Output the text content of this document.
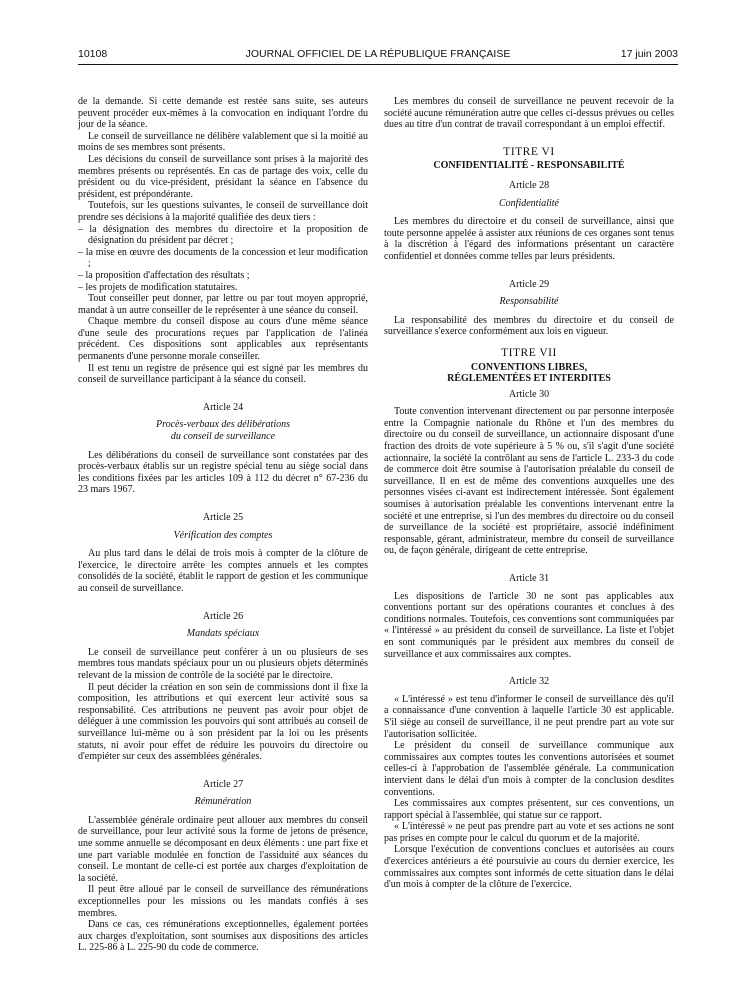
10108	JOURNAL OFFICIEL DE LA RÉPUBLIQUE FRANÇAISE	17 juin 2003

de la demande. Si cette demande est restée sans suite, ses auteurs peuvent procéder eux-mêmes à la convocation en indiquant l'ordre du jour de la séance.

Le conseil de surveillance ne délibère valablement que si la moitié au moins de ses membres sont présents.

Les décisions du conseil de surveillance sont prises à la majorité des membres présents ou représentés. En cas de partage des voix, celle du président ou du vice-président, présidant la séance en l'absence du président, est prépondérante.

Toutefois, sur les questions suivantes, le conseil de surveillance doit prendre ses décisions à la majorité qualifiée des deux tiers :

– la désignation des membres du directoire et la proposition de désignation du président par décret ;

– la mise en œuvre des documents de la concession et leur modification ;

– la proposition d'affectation des résultats ;

– les projets de modification statutaires.

Tout conseiller peut donner, par lettre ou par tout moyen approprié, mandat à un autre conseiller de le représenter à une séance du conseil.

Chaque membre du conseil dispose au cours d'une même séance d'une seule des procurations reçues par l'application de l'alinéa précédent. Ces dispositions sont applicables aux représentants permanents d'une personne morale conseiller.

Il est tenu un registre de présence qui est signé par les membres du conseil de surveillance participant à la séance du conseil.

Article 24
Procès-verbaux des délibérations
du conseil de surveillance

Les délibérations du conseil de surveillance sont constatées par des procès-verbaux établis sur un registre spécial tenu au siège social dans les conditions fixées par les articles 109 à 112 du décret n° 67-236 du 23 mars 1967.

Article 25
Vérification des comptes

Au plus tard dans le délai de trois mois à compter de la clôture de l'exercice, le directoire arrête les comptes annuels et les comptes consolidés de la société, établit le rapport de gestion et les communique au conseil de surveillance.

Article 26
Mandats spéciaux

Le conseil de surveillance peut conférer à un ou plusieurs de ses membres tous mandats spéciaux pour un ou plusieurs objets déterminés relevant de la mission de contrôle de la société par le directoire.

Il peut décider la création en son sein de commissions dont il fixe la composition, les attributions et qui exercent leur activité sous sa responsabilité. Ces attributions ne peuvent pas avoir pour objet de déléguer à une commission les pouvoirs qui sont attribués au conseil de surveillance lui-même ou à son président par la loi ou les présents statuts, ni avoir pour effet de réduire les pouvoirs du directoire ou d'empiéter sur ceux des assemblées générales.

Article 27
Rémunération

L'assemblée générale ordinaire peut allouer aux membres du conseil de surveillance, pour leur activité sous la forme de jetons de présence, une somme annuelle se décomposant en deux éléments : une part fixe et une part variable modulée en fonction de l'assiduité aux séances du conseil. Le montant de celle-ci est portée aux charges d'exploitation de la société.

Il peut être alloué par le conseil de surveillance des rémunérations exceptionnelles pour les missions ou les mandats confiés à ses membres.

Dans ce cas, ces rémunérations exceptionnelles, également portées aux charges d'exploitation, sont soumises aux dispositions des articles L. 225-86 à L. 225-90 du code de commerce.

Les membres du conseil de surveillance ne peuvent recevoir de la société aucune rémunération autre que celles ci-dessus prévues ou celles dues au titre d'un contrat de travail correspondant à un emploi effectif.

TITRE VI
CONFIDENTIALITÉ - RESPONSABILITÉ
Article 28
Confidentialité

Les membres du directoire et du conseil de surveillance, ainsi que toute personne appelée à assister aux réunions de ces organes sont tenus à la discrétion à l'égard des informations présentant un caractère confidentiel et données comme telles par leurs présidents.

Article 29
Responsabilité

La responsabilité des membres du directoire et du conseil de surveillance s'exerce conformément aux lois en vigueur.

TITRE VII
CONVENTIONS LIBRES,
RÉGLEMENTÉES ET INTERDITES
Article 30

Toute convention intervenant directement ou par personne interposée entre la Compagnie nationale du Rhône et l'un des membres du directoire ou du conseil de surveillance, un actionnaire disposant d'une fraction des droits de vote supérieure à 5 % ou, s'il s'agit d'une société actionnaire, la société la contrôlant au sens de l'article L. 233-3 du code de commerce doit être soumise à l'autorisation préalable du conseil de surveillance. Il en est de même des conventions auxquelles une des personnes visées ci-avant est indirectement intéressée. Sont également soumises à autorisation préalable les conventions intervenant entre la société et une entreprise, si l'un des membres du directoire ou du conseil de surveillance de la société est propriétaire, associé indéfiniment responsable, gérant, administrateur, membre du conseil de surveillance ou, de façon générale, dirigeant de cette entreprise.

Article 31

Les dispositions de l'article 30 ne sont pas applicables aux conventions portant sur des opérations courantes et conclues à des conditions normales. Toutefois, ces conventions sont communiquées par « l'intéressé » au président du conseil de surveillance. La liste et l'objet en sont communiqués par le président aux membres du conseil de surveillance et aux commissaires aux comptes.

Article 32

« L'intéressé » est tenu d'informer le conseil de surveillance dès qu'il a connaissance d'une convention à laquelle l'article 30 est applicable. S'il siège au conseil de surveillance, il ne peut prendre part au vote sur l'autorisation sollicitée.

Le président du conseil de surveillance communique aux commissaires aux comptes toutes les conventions autorisées et soumet celles-ci à l'approbation de l'assemblée générale. La communication intervient dans le délai d'un mois à compter de la conclusion desdites conventions.

Les commissaires aux comptes présentent, sur ces conventions, un rapport spécial à l'assemblée, qui statue sur ce rapport.

« L'intéressé » ne peut pas prendre part au vote et ses actions ne sont pas prises en compte pour le calcul du quorum et de la majorité.

Lorsque l'exécution de conventions conclues et autorisées au cours d'exercices antérieurs a été poursuivie au cours du dernier exercice, les commissaires aux comptes sont informés de cette situation dans le délai d'un mois à compter de la clôture de l'exercice.
